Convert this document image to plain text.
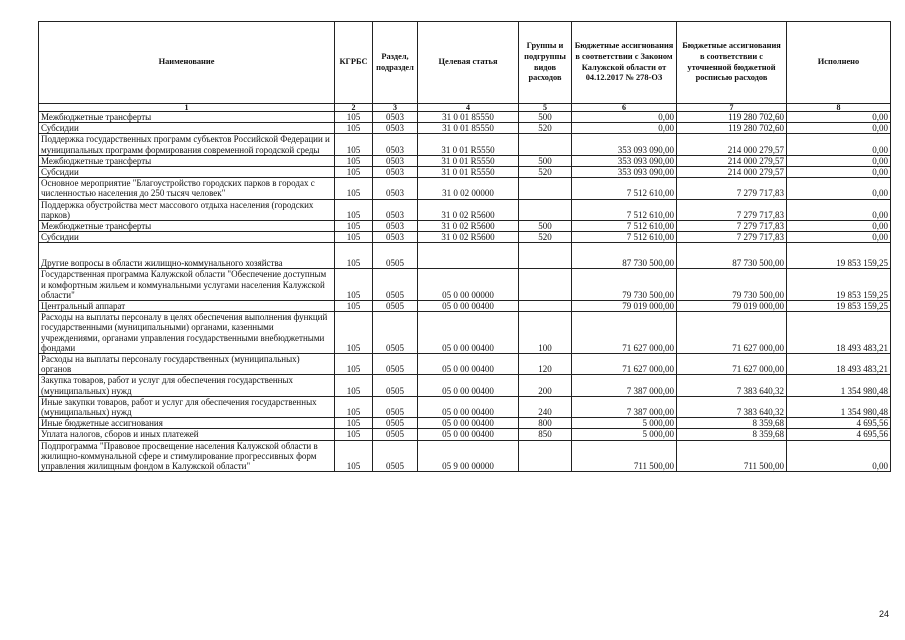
Наименование	КГРБС	Раздел, подраздел	Целевая статья	Группы и подгруппы видов расходов	Бюджетные ассигнования в соответствии с Законом Калужской области от 04.12.2017 № 278-ОЗ	Бюджетные ассигнования в соответствии с уточненной бюджетной росписью расходов	Исполнено
1	2	3	4	5	6	7	8
Межбюджетные трансферты	105	0503	31 0 01 85550	500	0,00	119 280 702,60	0,00
Субсидии	105	0503	31 0 01 85550	520	0,00	119 280 702,60	0,00
Поддержка государственных программ субъектов Российской Федерации и муниципальных программ формирования современной городской среды	105	0503	31 0 01 R5550		353 093 090,00	214 000 279,57	0,00
Межбюджетные трансферты	105	0503	31 0 01 R5550	500	353 093 090,00	214 000 279,57	0,00
Субсидии	105	0503	31 0 01 R5550	520	353 093 090,00	214 000 279,57	0,00
Основное мероприятие "Благоустройство городских парков в городах с численностью населения до 250 тысяч человек"	105	0503	31 0 02 00000		7 512 610,00	7 279 717,83	0,00
Поддержка обустройства мест массового отдыха населения (городских парков)	105	0503	31 0 02 R5600		7 512 610,00	7 279 717,83	0,00
Межбюджетные трансферты	105	0503	31 0 02 R5600	500	7 512 610,00	7 279 717,83	0,00
Субсидии	105	0503	31 0 02 R5600	520	7 512 610,00	7 279 717,83	0,00
Другие вопросы в области жилищно-коммунального хозяйства	105	0505			87 730 500,00	87 730 500,00	19 853 159,25
Государственная программа Калужской области "Обеспечение доступным и комфортным жильем и коммунальными услугами населения Калужской области"	105	0505	05 0 00 00000		79 730 500,00	79 730 500,00	19 853 159,25
Центральный аппарат	105	0505	05 0 00 00400		79 019 000,00	79 019 000,00	19 853 159,25
Расходы на выплаты персоналу в целях обеспечения выполнения функций государственными (муниципальными) органами, казенными учреждениями, органами управления государственными внебюджетными фондами	105	0505	05 0 00 00400	100	71 627 000,00	71 627 000,00	18 493 483,21
Расходы на выплаты персоналу государственных (муниципальных) органов	105	0505	05 0 00 00400	120	71 627 000,00	71 627 000,00	18 493 483,21
Закупка товаров, работ и услуг для обеспечения государственных (муниципальных) нужд	105	0505	05 0 00 00400	200	7 387 000,00	7 383 640,32	1 354 980,48
Иные закупки товаров, работ и услуг для обеспечения государственных (муниципальных) нужд	105	0505	05 0 00 00400	240	7 387 000,00	7 383 640,32	1 354 980,48
Иные бюджетные ассигнования	105	0505	05 0 00 00400	800	5 000,00	8 359,68	4 695,56
Уплата налогов, сборов и иных платежей	105	0505	05 0 00 00400	850	5 000,00	8 359,68	4 695,56
Подпрограмма "Правовое просвещение населения Калужской области в жилищно-коммунальной сфере и стимулирование прогрессивных форм управления жилищным фондом в Калужской области"	105	0505	05 9 00 00000		711 500,00	711 500,00	0,00
24
